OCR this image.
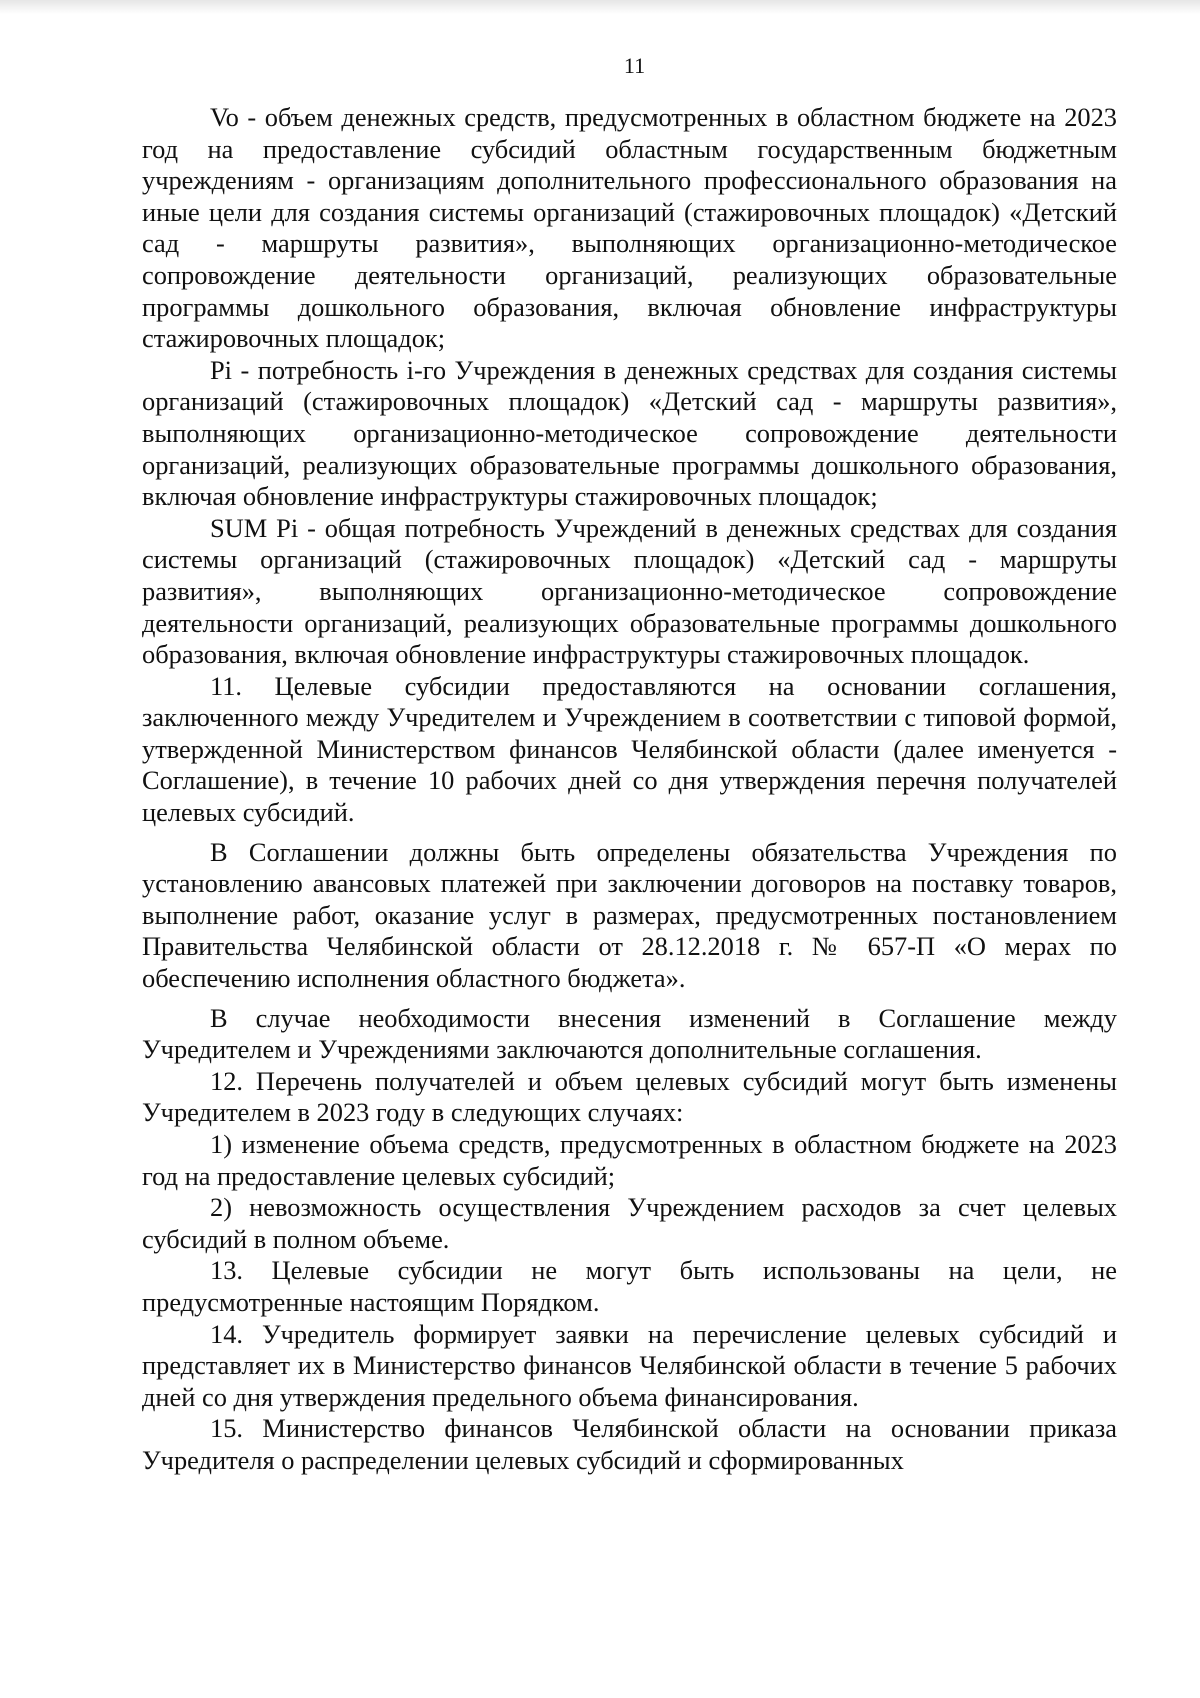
11

Vo - объем денежных средств, предусмотренных в областном бюджете на 2023 год на предоставление субсидий областным государственным бюджетным учреждениям - организациям дополнительного профессионального образования на иные цели для создания системы организаций (стажировочных площадок) «Детский сад - маршруты развития», выполняющих организационно-методическое сопровождение деятельности организаций, реализующих образовательные программы дошкольного образования, включая обновление инфраструктуры стажировочных площадок;

Pi - потребность i-го Учреждения в денежных средствах для создания системы организаций (стажировочных площадок) «Детский сад - маршруты развития», выполняющих организационно-методическое сопровождение деятельности организаций, реализующих образовательные программы дошкольного образования, включая обновление инфраструктуры стажировочных площадок;

SUM Pi - общая потребность Учреждений в денежных средствах для создания системы организаций (стажировочных площадок) «Детский сад - маршруты развития», выполняющих организационно-методическое сопровождение деятельности организаций, реализующих образовательные программы дошкольного образования, включая обновление инфраструктуры стажировочных площадок.

11. Целевые субсидии предоставляются на основании соглашения, заключенного между Учредителем и Учреждением в соответствии с типовой формой, утвержденной Министерством финансов Челябинской области (далее именуется - Соглашение), в течение 10 рабочих дней со дня утверждения перечня получателей целевых субсидий.

В Соглашении должны быть определены обязательства Учреждения по установлению авансовых платежей при заключении договоров на поставку товаров, выполнение работ, оказание услуг в размерах, предусмотренных постановлением Правительства Челябинской области от 28.12.2018 г. № 657-П «О мерах по обеспечению исполнения областного бюджета».

В случае необходимости внесения изменений в Соглашение между Учредителем и Учреждениями заключаются дополнительные соглашения.

12. Перечень получателей и объем целевых субсидий могут быть изменены Учредителем в 2023 году в следующих случаях:

1) изменение объема средств, предусмотренных в областном бюджете на 2023 год на предоставление целевых субсидий;

2) невозможность осуществления Учреждением расходов за счет целевых субсидий в полном объеме.

13. Целевые субсидии не могут быть использованы на цели, не предусмотренные настоящим Порядком.

14. Учредитель формирует заявки на перечисление целевых субсидий и представляет их в Министерство финансов Челябинской области в течение 5 рабочих дней со дня утверждения предельного объема финансирования.

15. Министерство финансов Челябинской области на основании приказа Учредителя о распределении целевых субсидий и сформированных
